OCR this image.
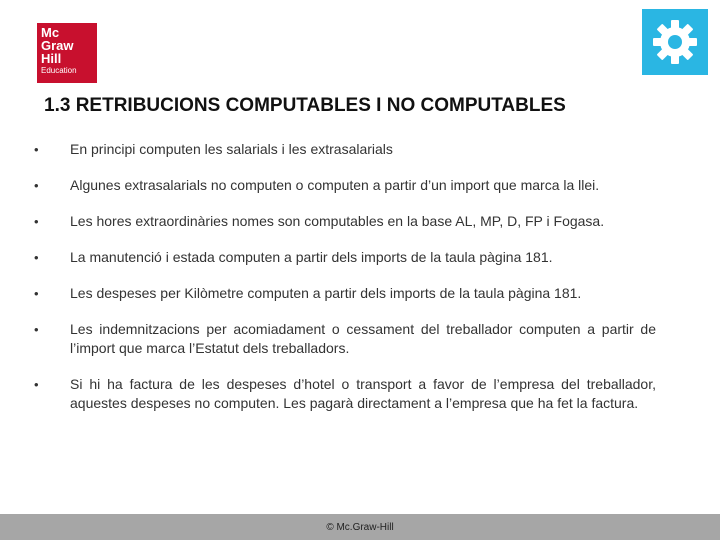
Mc
Graw
Hill
Education
1.3 RETRIBUCIONS COMPUTABLES I NO COMPUTABLES
• En principi computen les salarials i les extrasalarials
• Algunes extrasalarials no computen o computen a partir d’un import que marca la llei.
• Les hores extraordinàries nomes son computables en la base AL, MP, D, FP i Fogasa.
• La manutenció i estada computen a partir dels imports de la taula pàgina 181.
• Les despeses per Kilòmetre computen a partir dels imports de la taula pàgina 181.
• Les indemnitzacions per acomiadament o cessament del treballador computen a partir de l’import que marca l’Estatut dels treballadors.
• Si hi ha factura de les despeses d’hotel o transport a favor de l’empresa del treballador, aquestes despeses no computen. Les pagarà directament a l’empresa que ha fet la factura.
© Mc.Graw-Hill
